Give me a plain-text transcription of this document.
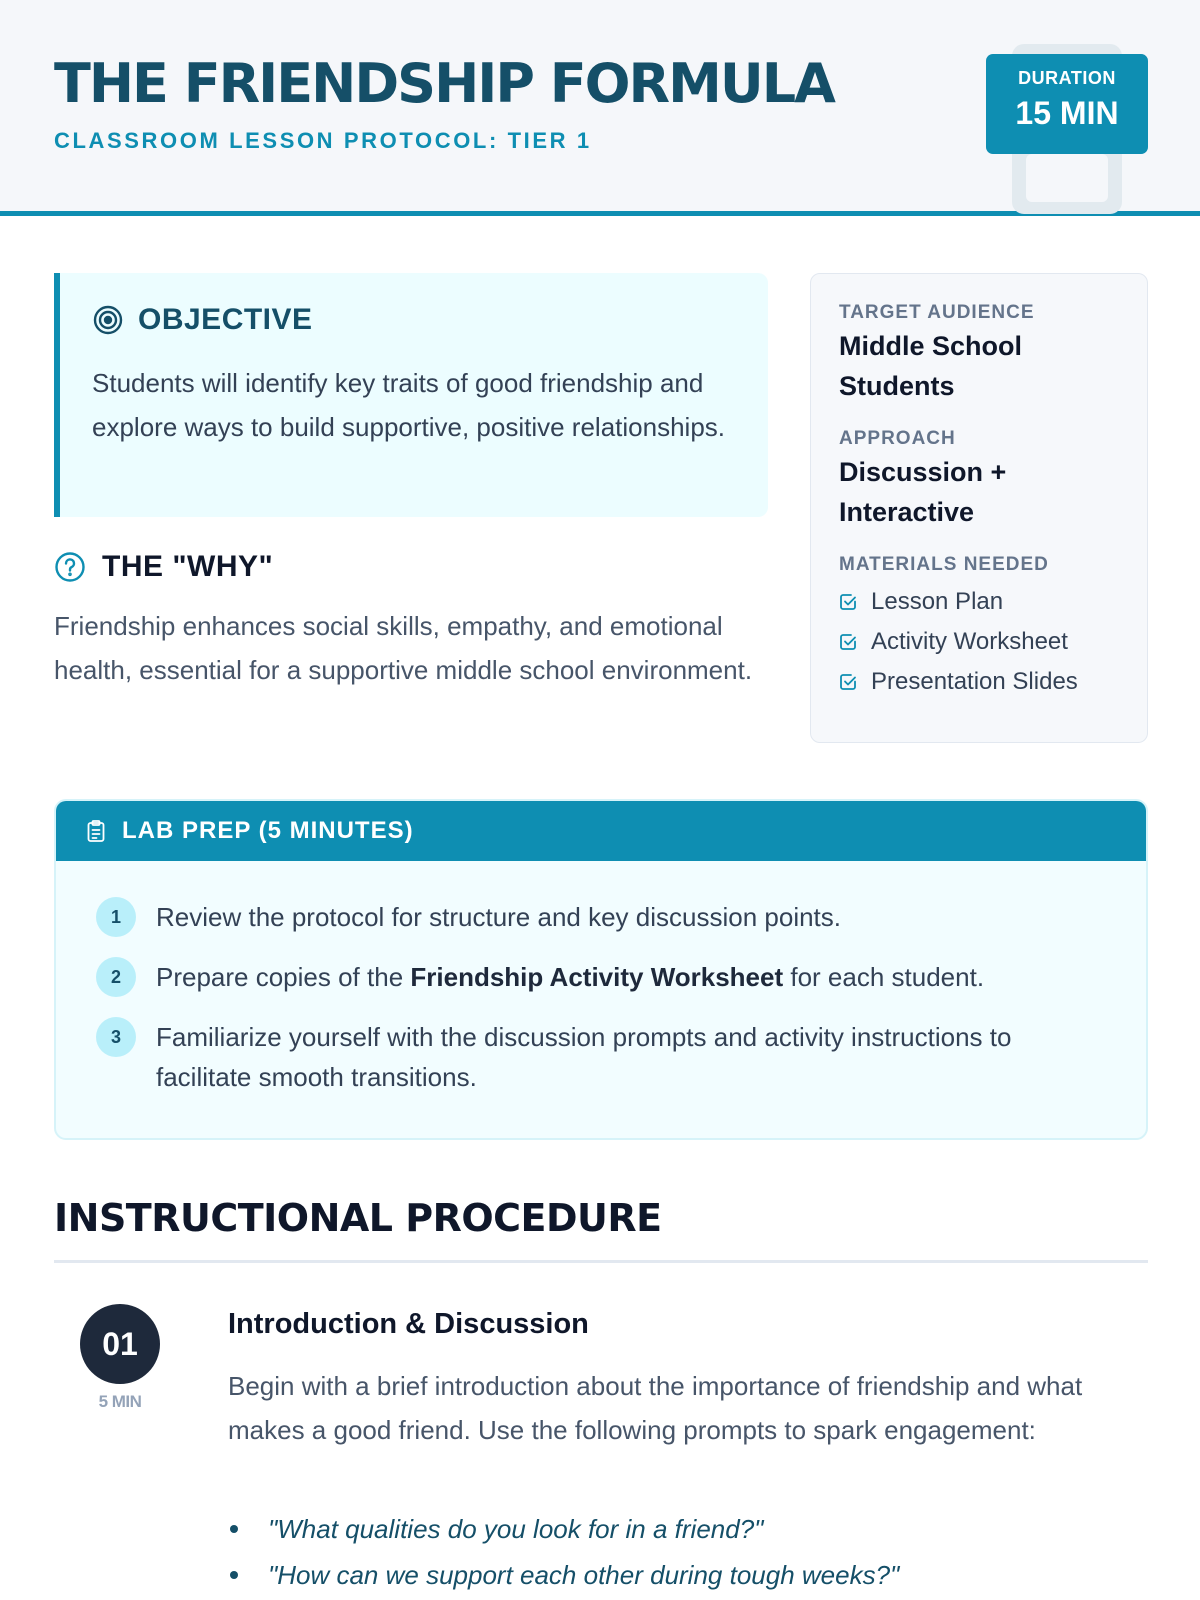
THE FRIENDSHIP FORMULA
CLASSROOM LESSON PROTOCOL: TIER 1
DURATION
15 MIN
OBJECTIVE

Students will identify key traits of good friendship and explore ways to build supportive, positive relationships.

THE "WHY"

Friendship enhances social skills, empathy, and emotional health, essential for a supportive middle school environment.

TARGET AUDIENCE
Middle School Students
APPROACH
Discussion + Interactive
MATERIALS NEEDED
Lesson Plan
Activity Worksheet
Presentation Slides
LAB PREP (5 MINUTES)
1	Review the protocol for structure and key discussion points.
2	Prepare copies of the Friendship Activity Worksheet for each student.
3	Familiarize yourself with the discussion prompts and activity instructions to facilitate smooth transitions.
INSTRUCTIONAL PROCEDURE
01
5 MIN
Introduction & Discussion

Begin with a brief introduction about the importance of friendship and what makes a good friend. Use the following prompts to spark engagement:

"What qualities do you look for in a friend?"
"How can we support each other during tough weeks?"
